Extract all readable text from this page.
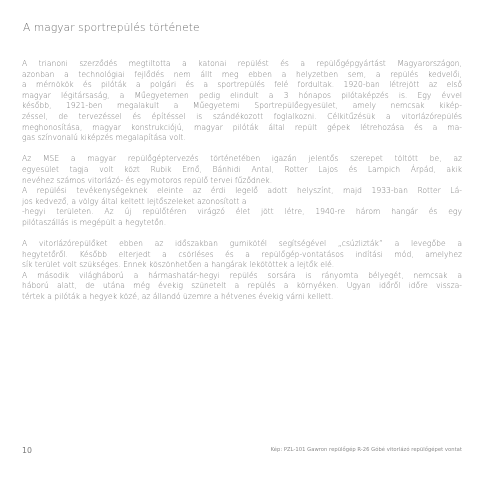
A magyar sportrepülés története

A trianoni szerződés megtiltotta a katonai repülést és a repülőgépgyártást Magyarországon,
azonban a technológiai fejlődés nem állt meg ebben a helyzetben sem, a repülés kedvelői,
a mérnökök és pilóták a polgári és a sportrepülés felé fordultak. 1920-ban létrejött az első
magyar légitársaság, a Műegyetemen pedig elindult a 3 hónapos pilótaképzés is. Egy évvel
később, 1921-ben megalakult a Műegyetemi Sportrepülőegyesület, amely nemcsak kikép-
zéssel, de tervezéssel és építéssel is szándékozott foglalkozni. Célkitűzésük a vitorlázórepülés
meghonosítása, magyar konstrukciójú, magyar pilóták által repült gépek létrehozása és a ma-
gas színvonalú kiképzés megalapítása volt.

Az MSE a magyar repülőgéptervezés történetében igazán jelentős szerepet töltött be, az
egyesület tagja volt közt Rubik Ernő, Bánhidi Antal, Rotter Lajos és Lampich Árpád, akik
nevéhez számos vitorlázó- és egymotoros repülő tervei fűződnek.
A repülési tevékenységeknek eleinte az érdi legelő adott helyszínt, majd 1933-ban Rotter Lá-
jos kedvező, a völgy által keltett lejtőszeleket azonosított a
-hegyi területen. Az új repülőtéren virágzó élet jött létre, 1940-re három hangár és egy
pilótaszállás is megépült a hegytetőn.

A vitorlázórepülőket ebben az időszakban gumikötél segítségével „csúzlizták” a levegőbe a
hegytetőről. Később elterjedt a csörléses és a repülőgép-vontatásos indítási mód, amelyhez
sík terület volt szükséges. Ennek köszönhetően a hangárak lekötöttek a lejtők elé.
A második világháború a hármashatár-hegyi repülés sorsára is rányomta bélyegét, nemcsak a
háború alatt, de utána még évekig szünetelt a repülés a környéken. Ugyan időről időre vissza-
tértek a pilóták a hegyek közé, az állandó üzemre a hétvenes évekig várni kellett.

10	Kép: PZL-101 Gawron repülőgép R-26 Góbé vitorlázó repülőgépet vontat
